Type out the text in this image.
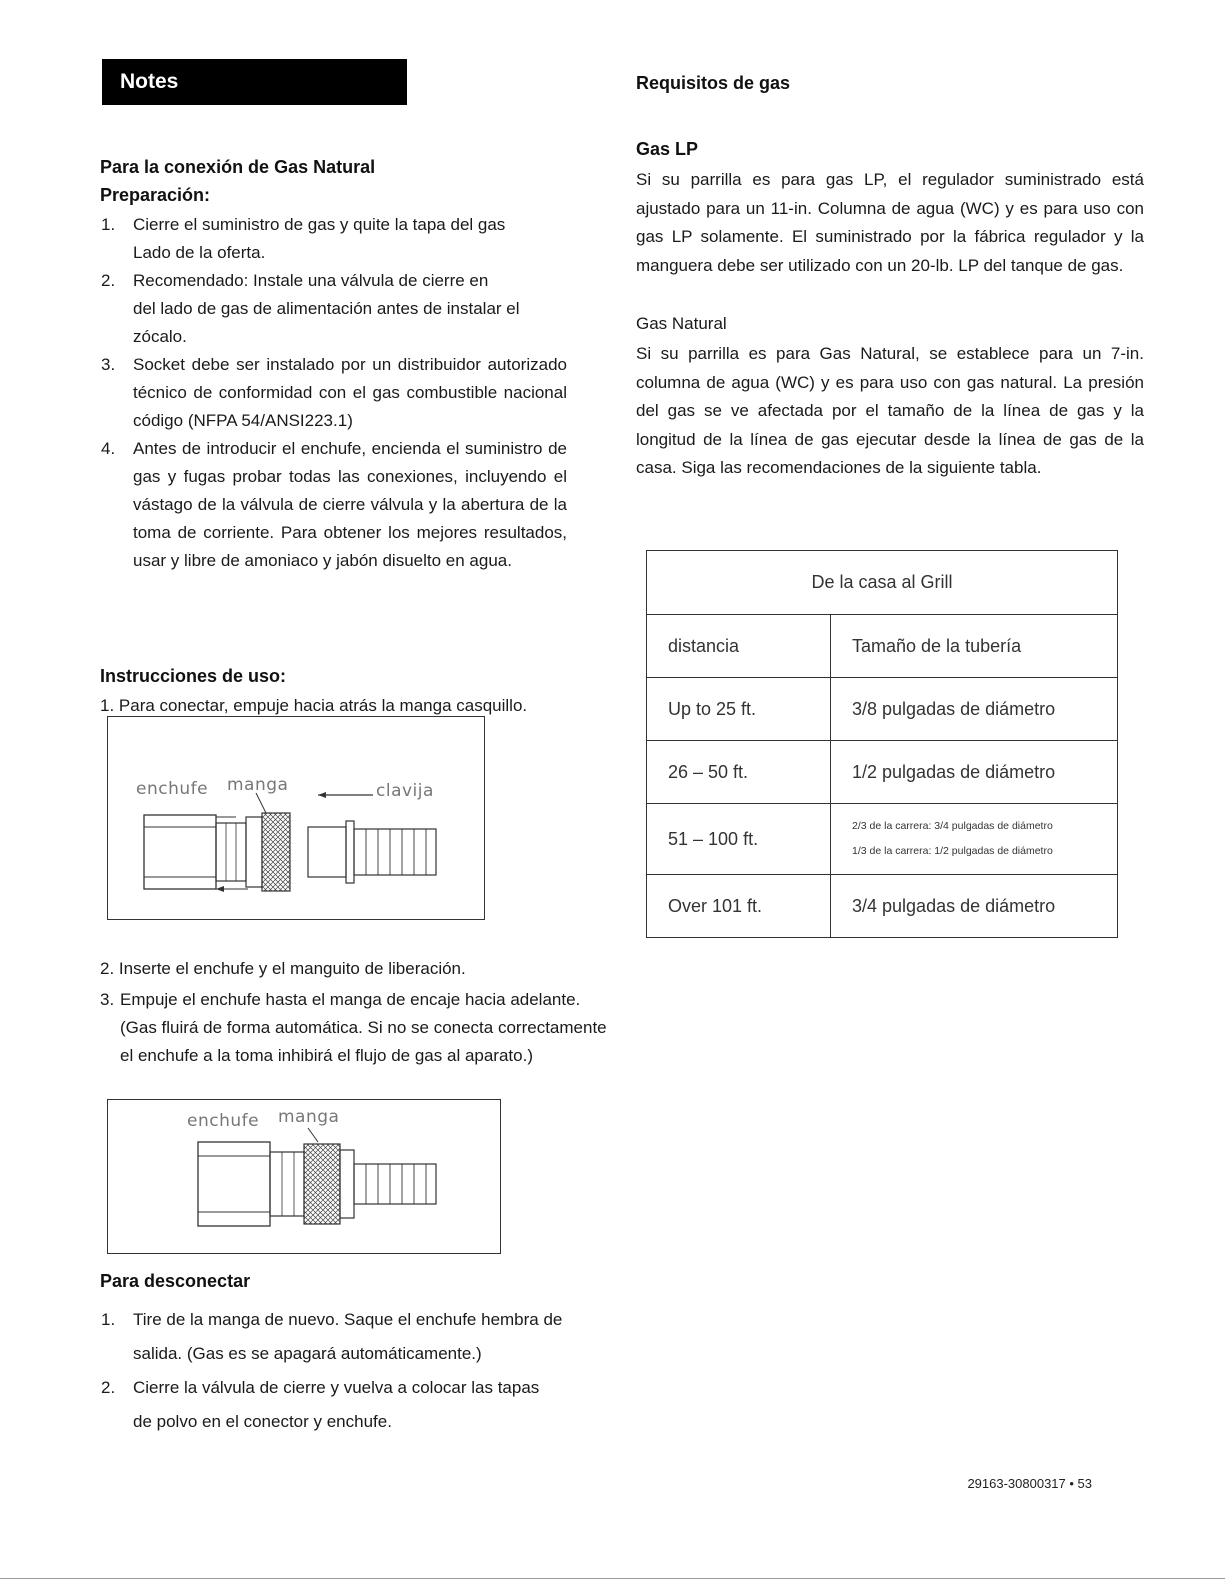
Notes
Para la conexión de Gas Natural
Preparación:
1. Cierre el suministro de gas y quite la tapa del gas
Lado de la oferta.
2. Recomendado: Instale una válvula de cierre en
del lado de gas de alimentación antes de instalar el
zócalo.
3. Socket debe ser instalado por un distribuidor autorizado técnico de conformidad con el gas combustible nacional código (NFPA 54/ANSI223.1)
4. Antes de introducir el enchufe, encienda el suministro de gas y fugas probar todas las conexiones, incluyendo el vástago de la válvula de cierre válvula y la abertura de la toma de corriente. Para obtener los mejores resultados, usar y libre de amoniaco y jabón disuelto en agua.
Instrucciones de uso:
1. Para conectar, empuje hacia atrás la manga casquillo.
enchufe manga	clavija
2. Inserte el enchufe y el manguito de liberación.
3. Empuje el enchufe hasta el manga de encaje hacia adelante.
(Gas fluirá de forma automática. Si no se conecta correctamente
el enchufe a la toma inhibirá el flujo de gas al aparato.)
enchufe manga
Para desconectar
1. Tire de la manga de nuevo. Saque el enchufe hembra de
salida. (Gas es se apagará automáticamente.)
2. Cierre la válvula de cierre y vuelva a colocar las tapas
de polvo en el conector y enchufe.
Requisitos de gas
Gas LP
Si su parrilla es para gas LP, el regulador suministrado está ajustado para un 11-in. Columna de agua (WC) y es para uso con gas LP solamente. El suministrado por la fábrica regulador y la manguera debe ser utilizado con un 20-lb. LP del tanque de gas.
Gas Natural
Si su parrilla es para Gas Natural, se establece para un 7-in. columna de agua (WC) y es para uso con gas natural. La presión del gas se ve afectada por el tamaño de la línea de gas y la longitud de la línea de gas ejecutar desde la línea de gas de la casa. Siga las recomendaciones de la siguiente tabla.
De la casa al Grill	
distancia	Tamaño de la tubería
Up to 25 ft.	3/8 pulgadas de diámetro
26 – 50 ft.	1/2 pulgadas de diámetro
51 – 100 ft.	2/3 de la carrera: 3/4 pulgadas de diámetro
1/3 de la carrera: 1/2 pulgadas de diámetro

Over 101 ft.	3/4 pulgadas de diámetro
29163-30800317 • 53
